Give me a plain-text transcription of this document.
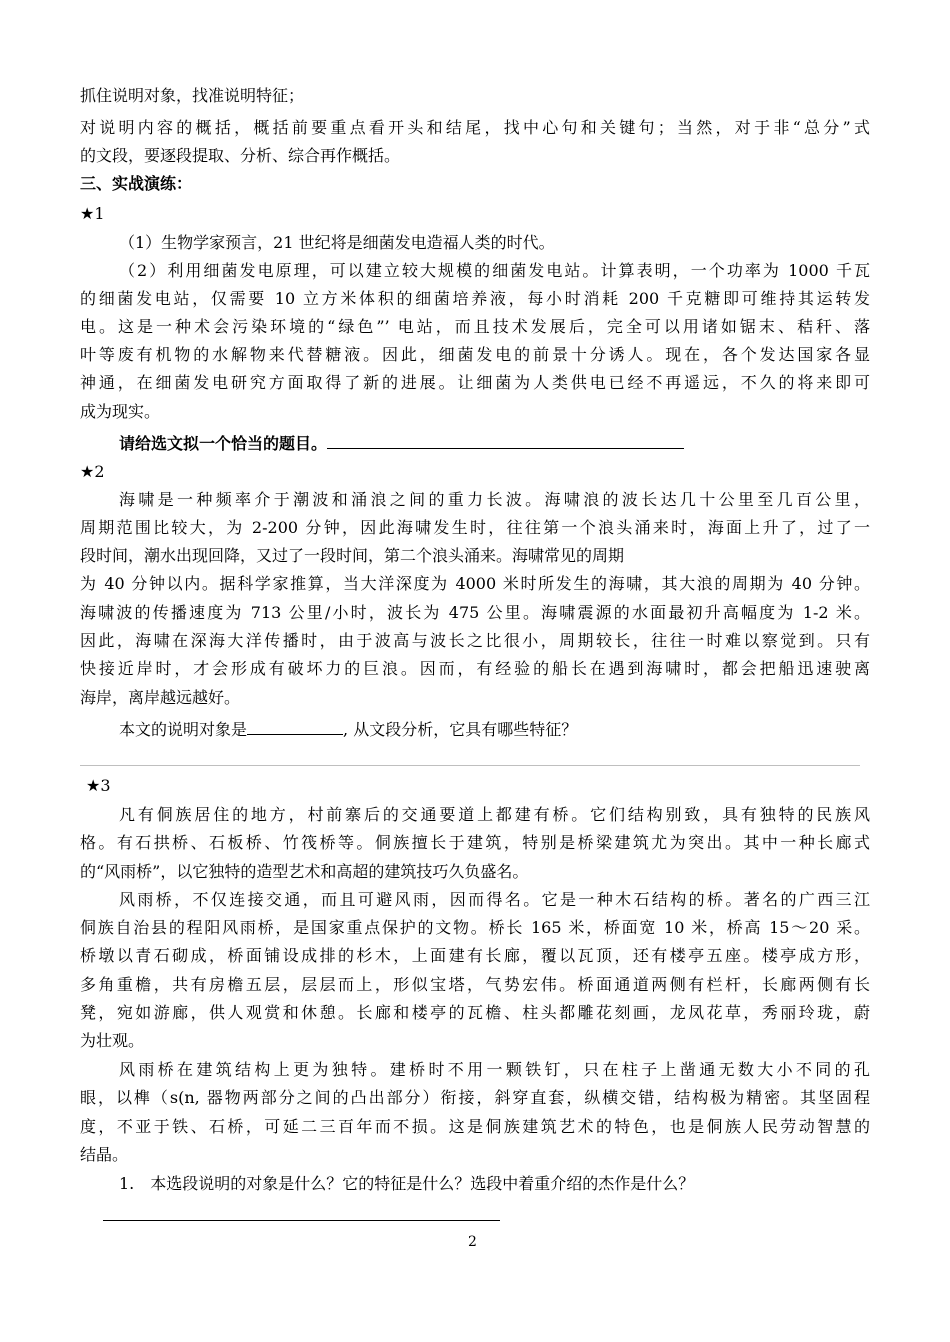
抓住说明对象，找准说明特征；
对说明内容的概括，概括前要重点看开头和结尾，找中心句和关键句；当然，对于非“总分”式
的文段，要逐段提取、分析、综合再作概括。
三、实战演练：
★1
（1）生物学家预言，21 世纪将是细菌发电造福人类的时代。
（2）利用细菌发电原理，可以建立较大规模的细菌发电站。计算表明，一个功率为 1000 千瓦
的细菌发电站，仅需要 10 立方米体积的细菌培养液，每小时消耗 200 千克糖即可维持其运转发
电。这是一种术会污染环境的“绿色”’ 电站，而且技术发展后，完全可以用诸如锯末、秸秆、落
叶等废有机物的水解物来代替糖液。因此，细菌发电的前景十分诱人。现在，各个发达国家各显
神通，在细菌发电研究方面取得了新的进展。让细菌为人类供电已经不再遥远，不久的将来即可
成为现实。
请给选文拟一个恰当的题目。
★2
海啸是一种频率介于潮波和涌浪之间的重力长波。海啸浪的波长达几十公里至几百公里，
周期范围比较大，为 2-200 分钟，因此海啸发生时，往往第一个浪头涌来时，海面上升了，过了一
段时间，潮水出现回降，又过了一段时间，第二个浪头涌来。海啸常见的周期
为 40 分钟以内。据科学家推算，当大洋深度为 4000 米时所发生的海啸，其大浪的周期为 40 分钟。
海啸波的传播速度为 713 公里/小时，波长为 475 公里。海啸震源的水面最初升高幅度为 1-2 米。
因此，海啸在深海大洋传播时，由于波高与波长之比很小，周期较长，往往一时难以察觉到。只有
快接近岸时，才会形成有破坏力的巨浪。因而，有经验的船长在遇到海啸时，都会把船迅速驶离
海岸，离岸越远越好。
本文的说明对象是	, 从文段分析，它具有哪些特征？
★3
凡有侗族居住的地方，村前寨后的交通要道上都建有桥。它们结构别致，具有独特的民族风
格。有石拱桥、石板桥、竹筏桥等。侗族擅长于建筑，特别是桥梁建筑尤为突出。其中一种长廊式
的“风雨桥”，以它独特的造型艺术和高超的建筑技巧久负盛名。
风雨桥，不仅连接交通，而且可避风雨，因而得名。它是一种木石结构的桥。著名的广西三江
侗族自治县的程阳风雨桥，是国家重点保护的文物。桥长 165 米，桥面宽 10 米，桥高 15～20 采。
桥墩以青石砌成，桥面铺设成排的杉木，上面建有长廊，覆以瓦顶，还有楼亭五座。楼亭成方形，
多角重檐，共有房檐五层，层层而上，形似宝塔，气势宏伟。桥面通道两侧有栏杆，长廊两侧有长
凳，宛如游廊，供人观赏和休憩。长廊和楼亭的瓦檐、柱头都雕花刻画，龙凤花草，秀丽玲珑，蔚
为壮观。
风雨桥在建筑结构上更为独特。建桥时不用一颗铁钉，只在柱子上凿通无数大小不同的孔
眼，以榫（s(n, 器物两部分之间的凸出部分）衔接，斜穿直套，纵横交错，结构极为精密。其坚固程
度，不亚于铁、石桥，可延二三百年而不损。这是侗族建筑艺术的特色，也是侗族人民劳动智慧的
结晶。
1.　本选段说明的对象是什么？它的特征是什么？选段中着重介绍的杰作是什么？
2
